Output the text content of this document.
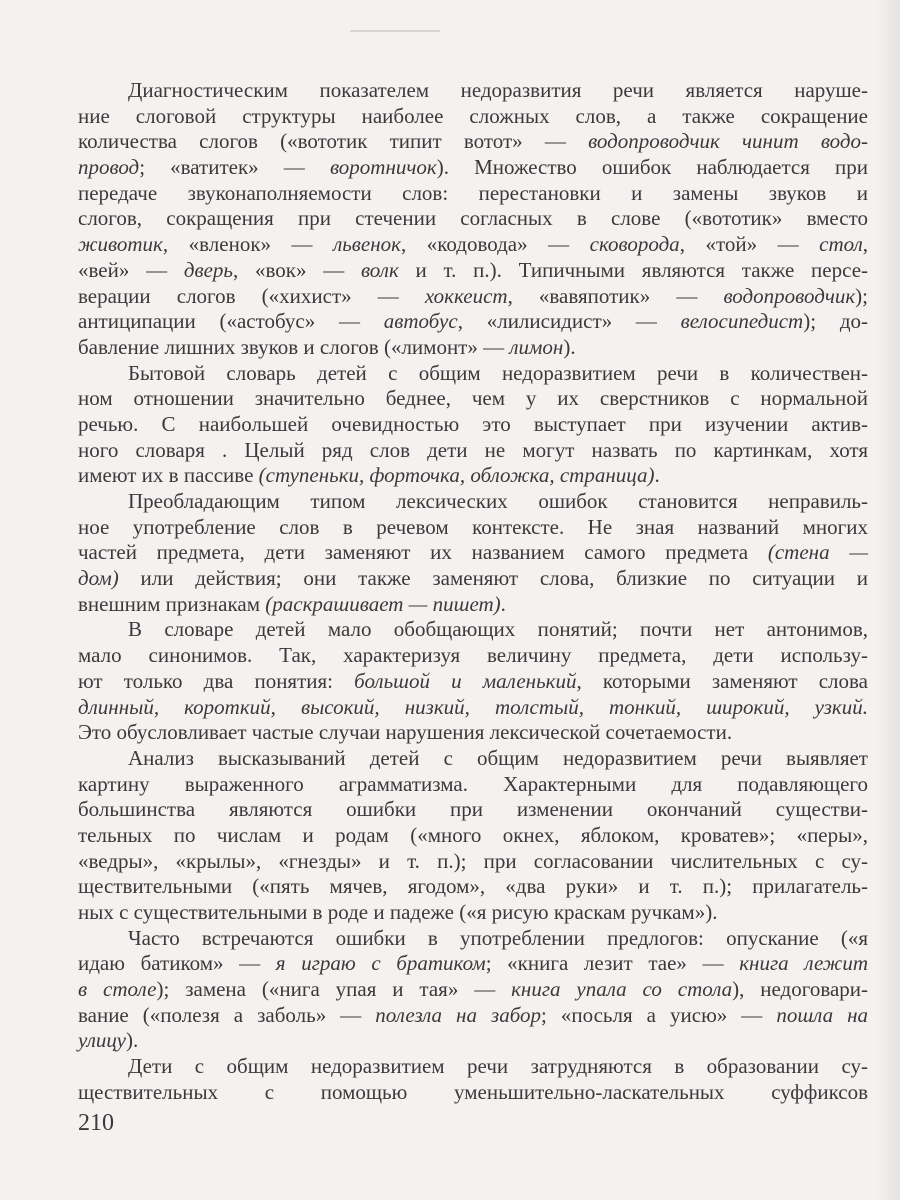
Диагностическим показателем недоразвития речи является наруше-
ние слоговой структуры наиболее сложных слов, а также сокращение
количества слогов («вототик типит вотот» — водопроводчик чинит водо-
провод; «ватитек» — воротничок). Множество ошибок наблюдается при
передаче звуконаполняемости слов: перестановки и замены звуков и
слогов, сокращения при стечении согласных в слове («вототик» вместо
животик, «вленок» — львенок, «кодовода» — сковорода, «той» — стол,
«вей» — дверь, «вок» — волк и т. п.). Типичными являются также персе-
верации слогов («хихист» — хоккеист, «вавяпотик» — водопроводчик);
антиципации («астобус» — автобус, «лилисидист» — велосипедист); до-
бавление лишних звуков и слогов («лимонт» — лимон).
Бытовой словарь детей с общим недоразвитием речи в количествен-
ном отношении значительно беднее, чем у их сверстников с нормальной
речью. С наибольшей очевидностью это выступает при изучении актив-
ного словаря . Целый ряд слов дети не могут назвать по картинкам, хотя
имеют их в пассиве (ступеньки, форточка, обложка, страница).
Преобладающим типом лексических ошибок становится неправиль-
ное употребление слов в речевом контексте. Не зная названий многих
частей предмета, дети заменяют их названием самого предмета (стена —
дом) или действия; они также заменяют слова, близкие по ситуации и
внешним признакам (раскрашивает — пишет).
В словаре детей мало обобщающих понятий; почти нет антонимов,
мало синонимов. Так, характеризуя величину предмета, дети использу-
ют только два понятия: большой и маленький, которыми заменяют слова
длинный, короткий, высокий, низкий, толстый, тонкий, широкий, узкий.
Это обусловливает частые случаи нарушения лексической сочетаемости.
Анализ высказываний детей с общим недоразвитием речи выявляет
картину выраженного аграмматизма. Характерными для подавляющего
большинства являются ошибки при изменении окончаний существи-
тельных по числам и родам («много окнех, яблоком, кроватев»; «перы»,
«ведры», «крылы», «гнезды» и т. п.); при согласовании числительных с су-
ществительными («пять мячев, ягодом», «два руки» и т. п.); прилагатель-
ных с существительными в роде и падеже («я рисую краскам ручкам»).
Часто встречаются ошибки в употреблении предлогов: опускание («я
идаю батиком» — я играю с братиком; «книга лезит тае» — книга лежит
в столе); замена («нига упая и тая» — книга упала со стола), недоговари-
вание («полезя а заболь» — полезла на забор; «посьля а уисю» — пошла на
улицу).
Дети с общим недоразвитием речи затрудняются в образовании су-
ществительных с помощью уменьшительно-ласкательных суффиксов
210
